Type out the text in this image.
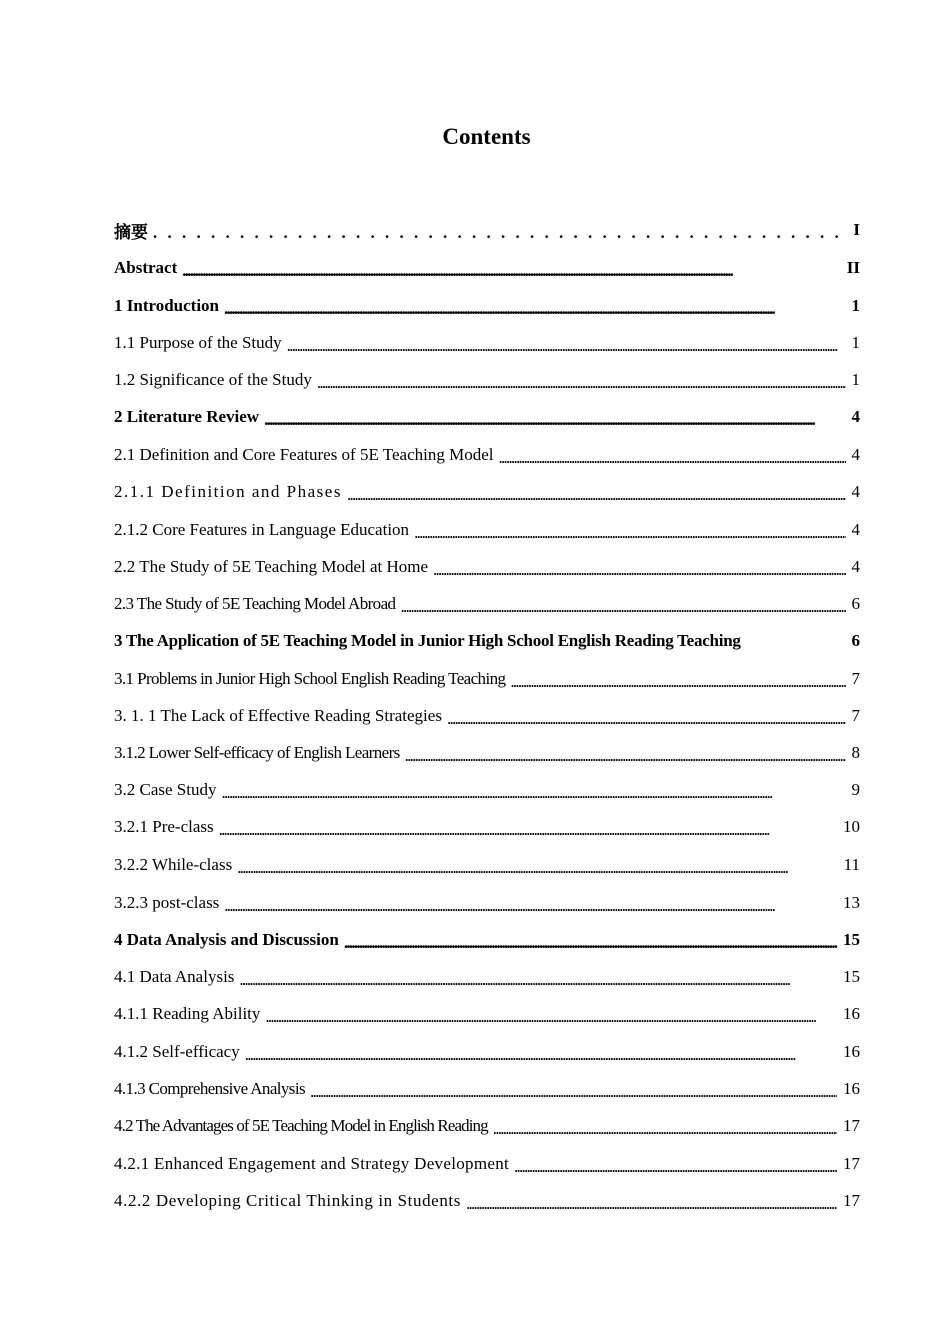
Contents
摘要 . . .	I
Abstract . . .	II
1 Introduction . . .	1
1.1 Purpose of the Study . . .	1
1.2 Significance of the Study . . .	1
2 Literature Review . . .	4
2.1 Definition and Core Features of 5E Teaching Model . . .	4
2.1.1 Definition and Phases . . .	4
2.1.2 Core Features in Language Education . . .	4
2.2 The Study of 5E Teaching Model at Home . . .	4
2.3 The Study of 5E Teaching Model Abroad . . .	6
3 The Application of 5E Teaching Model in Junior High School English Reading Teaching	6
3.1 Problems in Junior High School English Reading Teaching . . .	7
3. 1. 1 The Lack of Effective Reading Strategies . . .	7
3.1.2 Lower Self-efficacy of English Learners . . .	8
3.2 Case Study . . .	9
3.2.1 Pre-class . . .	10
3.2.2 While-class . . .	11
3.2.3 post-class . . .	13
4 Data Analysis and Discussion . . .	15
4.1 Data Analysis . . .	15
4.1.1 Reading Ability . . .	16
4.1.2 Self-efficacy . . .	16
4.1.3 Comprehensive Analysis . . .	16
4.2 The Advantages of 5E Teaching Model in English Reading . . .	17
4.2.1 Enhanced Engagement and Strategy Development . . .	17
4.2.2 Developing Critical Thinking in Students . . .	17
